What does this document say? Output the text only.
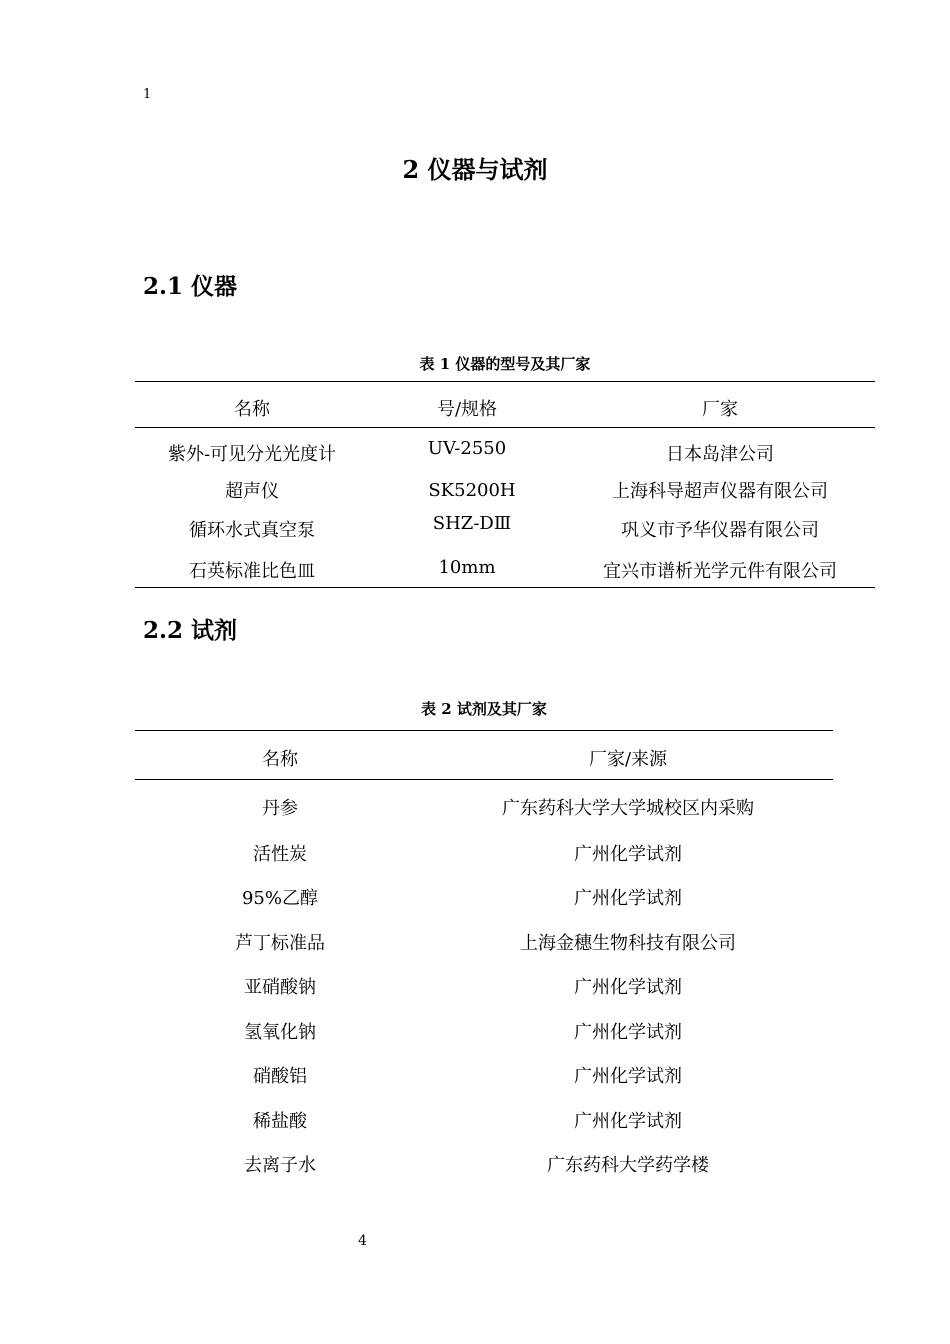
1
2 仪器与试剂
2.1 仪器
表 1 仪器的型号及其厂家
名称	号/规格	厂家
紫外-可见分光光度计	UV-2550	日本岛津公司
超声仪	SK5200H	上海科导超声仪器有限公司
循环水式真空泵	SHZ-DⅢ	巩义市予华仪器有限公司
石英标准比色皿	10mm	宜兴市谱析光学元件有限公司
2.2 试剂
表 2 试剂及其厂家
名称	厂家/来源
丹参	广东药科大学大学城校区内采购
活性炭	广州化学试剂
95%乙醇	广州化学试剂
芦丁标准品	上海金穗生物科技有限公司
亚硝酸钠	广州化学试剂
氢氧化钠	广州化学试剂
硝酸铝	广州化学试剂
稀盐酸	广州化学试剂
去离子水	广东药科大学药学楼
4
